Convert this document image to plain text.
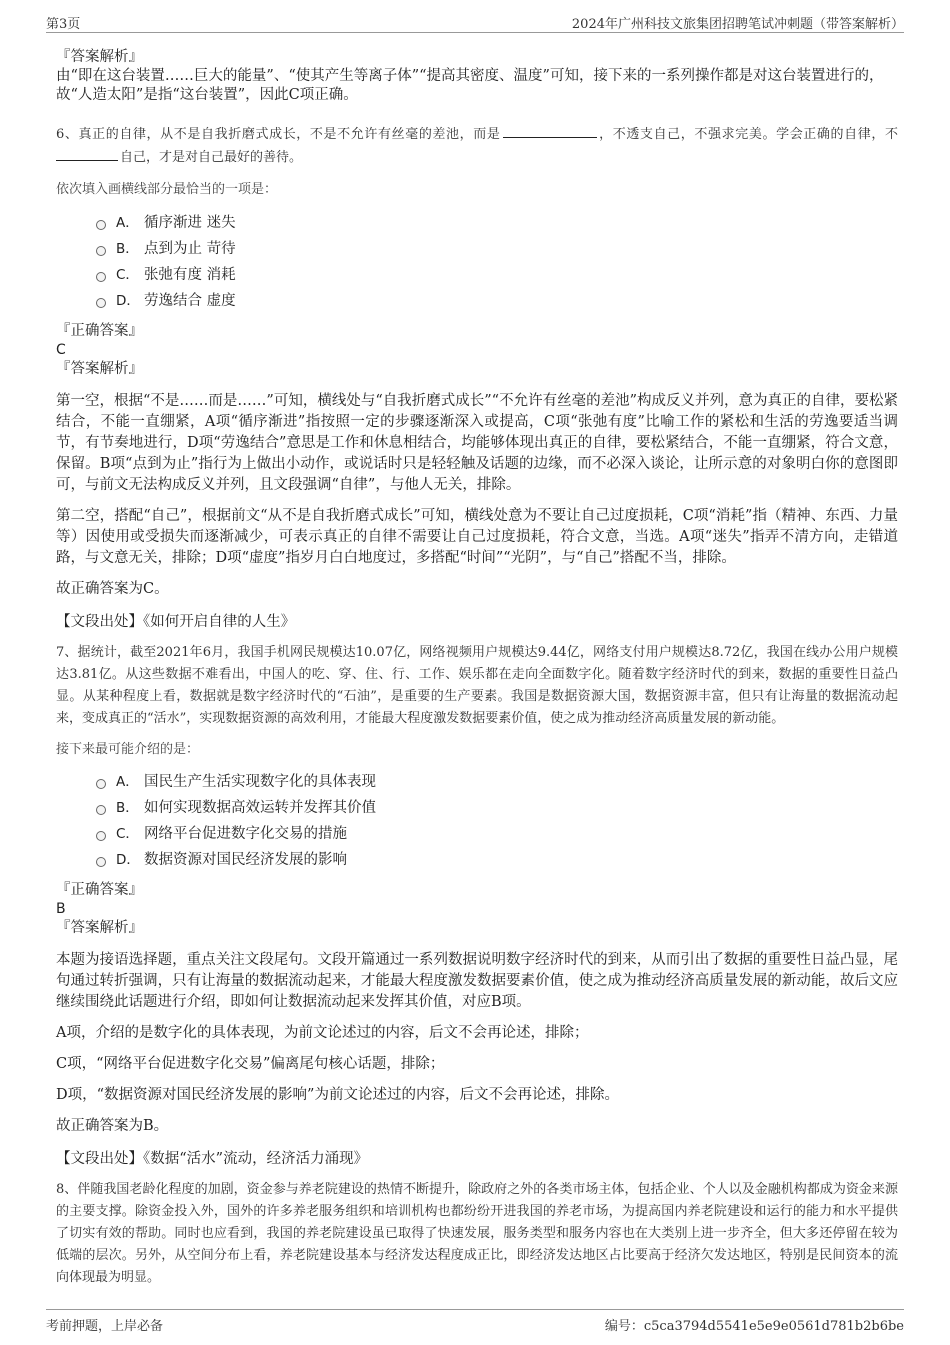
第3页	2024年广州科技文旅集团招聘笔试冲刺题（带答案解析）

『答案解析』

由“即在这台装置……巨大的能量”、“使其产生等离子体”“提高其密度、温度”可知，接下来的一系列操作都是对这台装置进行的，故“人造太阳”是指“这台装置”，因此C项正确。

6、真正的自律，从不是自我折磨式成长，不是不允许有丝毫的差池，而是	，不透支自己，不强求完美。学会正确的自律，不自己，才是对自己最好的善待。

依次填入画横线部分最恰当的一项是：

A． 循序渐进 迷失
B． 点到为止 苛待
C． 张弛有度 消耗
D． 劳逸结合 虚度

『正确答案』

C

『答案解析』

第一空，根据“不是……而是……”可知，横线处与“自我折磨式成长”“不允许有丝毫的差池”构成反义并列，意为真正的自律，要松紧结合，不能一直绷紧，A项“循序渐进”指按照一定的步骤逐渐深入或提高，C项“张弛有度”比喻工作的紧松和生活的劳逸要适当调节，有节奏地进行，D项“劳逸结合”意思是工作和休息相结合，均能够体现出真正的自律，要松紧结合，不能一直绷紧，符合文意，保留。B项“点到为止”指行为上做出小动作，或说话时只是轻轻触及话题的边缘，而不必深入谈论，让所示意的对象明白你的意图即可，与前文无法构成反义并列，且文段强调“自律”，与他人无关，排除。

第二空，搭配“自己”，根据前文“从不是自我折磨式成长”可知，横线处意为不要让自己过度损耗，C项“消耗”指（精神、东西、力量等）因使用或受损失而逐渐减少，可表示真正的自律不需要让自己过度损耗，符合文意，当选。A项“迷失”指弄不清方向，走错道路，与文意无关，排除；D项“虚度”指岁月白白地度过，多搭配“时间”“光阴”，与“自己”搭配不当，排除。

故正确答案为C。

【文段出处】《如何开启自律的人生》

7、据统计，截至2021年6月，我国手机网民规模达10.07亿，网络视频用户规模达9.44亿，网络支付用户规模达8.72亿，我国在线办公用户规模达3.81亿。从这些数据不难看出，中国人的吃、穿、住、行、工作、娱乐都在走向全面数字化。随着数字经济时代的到来，数据的重要性日益凸显。从某种程度上看，数据就是数字经济时代的“石油”，是重要的生产要素。我国是数据资源大国，数据资源丰富，但只有让海量的数据流动起来，变成真正的“活水”，实现数据资源的高效利用，才能最大程度激发数据要素价值，使之成为推动经济高质量发展的新动能。

接下来最可能介绍的是：

A． 国民生产生活实现数字化的具体表现
B． 如何实现数据高效运转并发挥其价值
C． 网络平台促进数字化交易的措施
D． 数据资源对国民经济发展的影响

『正确答案』

B

『答案解析』

本题为接语选择题，重点关注文段尾句。文段开篇通过一系列数据说明数字经济时代的到来，从而引出了数据的重要性日益凸显，尾句通过转折强调，只有让海量的数据流动起来，才能最大程度激发数据要素价值，使之成为推动经济高质量发展的新动能，故后文应继续围绕此话题进行介绍，即如何让数据流动起来发挥其价值，对应B项。

A项，介绍的是数字化的具体表现，为前文论述过的内容，后文不会再论述，排除；

C项，“网络平台促进数字化交易”偏离尾句核心话题，排除；

D项，“数据资源对国民经济发展的影响”为前文论述过的内容，后文不会再论述，排除。

故正确答案为B。

【文段出处】《数据“活水”流动，经济活力涌现》

8、伴随我国老龄化程度的加剧，资金参与养老院建设的热情不断提升，除政府之外的各类市场主体，包括企业、个人以及金融机构都成为资金来源的主要支撑。除资金投入外，国外的许多养老服务组织和培训机构也都纷纷开进我国的养老市场，为提高国内养老院建设和运行的能力和水平提供了切实有效的帮助。同时也应看到，我国的养老院建设虽已取得了快速发展，服务类型和服务内容也在大类别上进一步齐全，但大多还停留在较为低端的层次。另外，从空间分布上看，养老院建设基本与经济发达程度成正比，即经济发达地区占比要高于经济欠发达地区，特别是民间资本的流向体现最为明显。

考前押题，上岸必备	编号：c5ca3794d5541e5e9e0561d781b2b6be
